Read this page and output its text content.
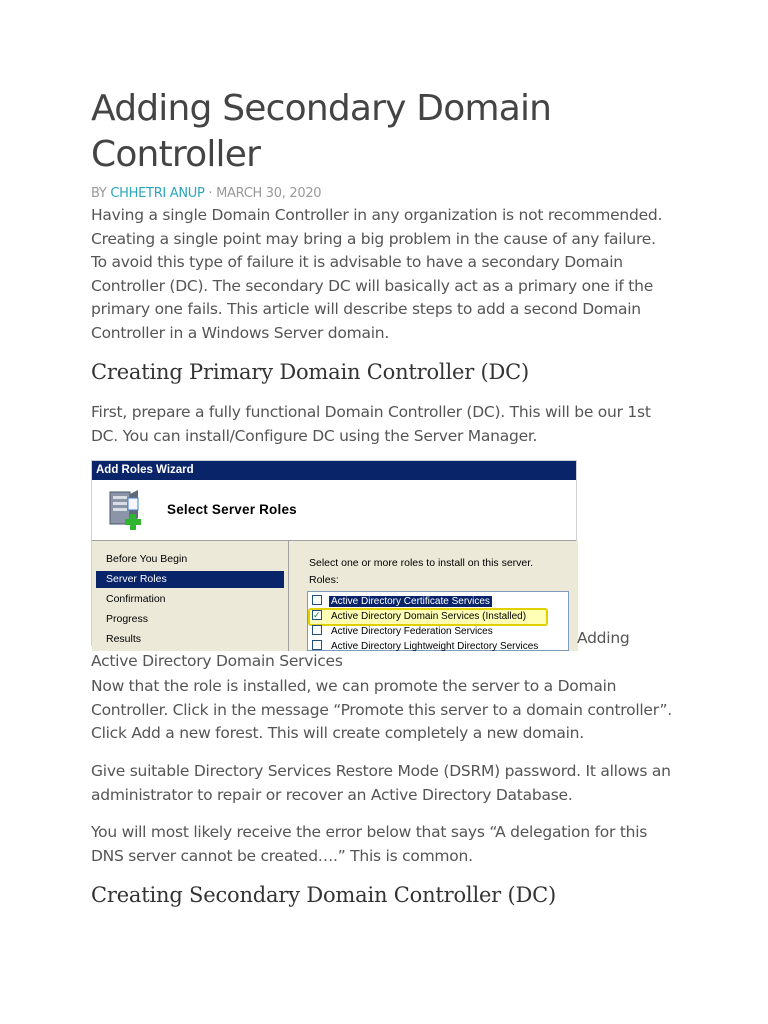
Adding Secondary Domain Controller
BY CHHETRI ANUP · MARCH 30, 2020

Having a single Domain Controller in any organization is not recommended. Creating a single point may bring a big problem in the cause of any failure. To avoid this type of failure it is advisable to have a secondary Domain Controller (DC). The secondary DC will basically act as a primary one if the primary one fails. This article will describe steps to add a second Domain Controller in a Windows Server domain.

Creating Primary Domain Controller (DC)

First, prepare a fully functional Domain Controller (DC). This will be our 1st DC. You can install/Configure DC using the Server Manager.

Add Roles Wizard
Select Server Roles
Before You Begin
Server Roles
Confirmation
Progress
Results
Select one or more roles to install on this server.
Roles:
Active Directory Certificate Services
✓ Active Directory Domain Services (Installed)
Active Directory Federation Services
Active Directory Lightweight Directory Services Adding
Active Directory Domain Services

Now that the role is installed, we can promote the server to a Domain Controller. Click in the message “Promote this server to a domain controller”. Click Add a new forest. This will create completely a new domain.

Give suitable Directory Services Restore Mode (DSRM) password. It allows an administrator to repair or recover an Active Directory Database.

You will most likely receive the error below that says “A delegation for this DNS server cannot be created….” This is common.

Creating Secondary Domain Controller (DC)
